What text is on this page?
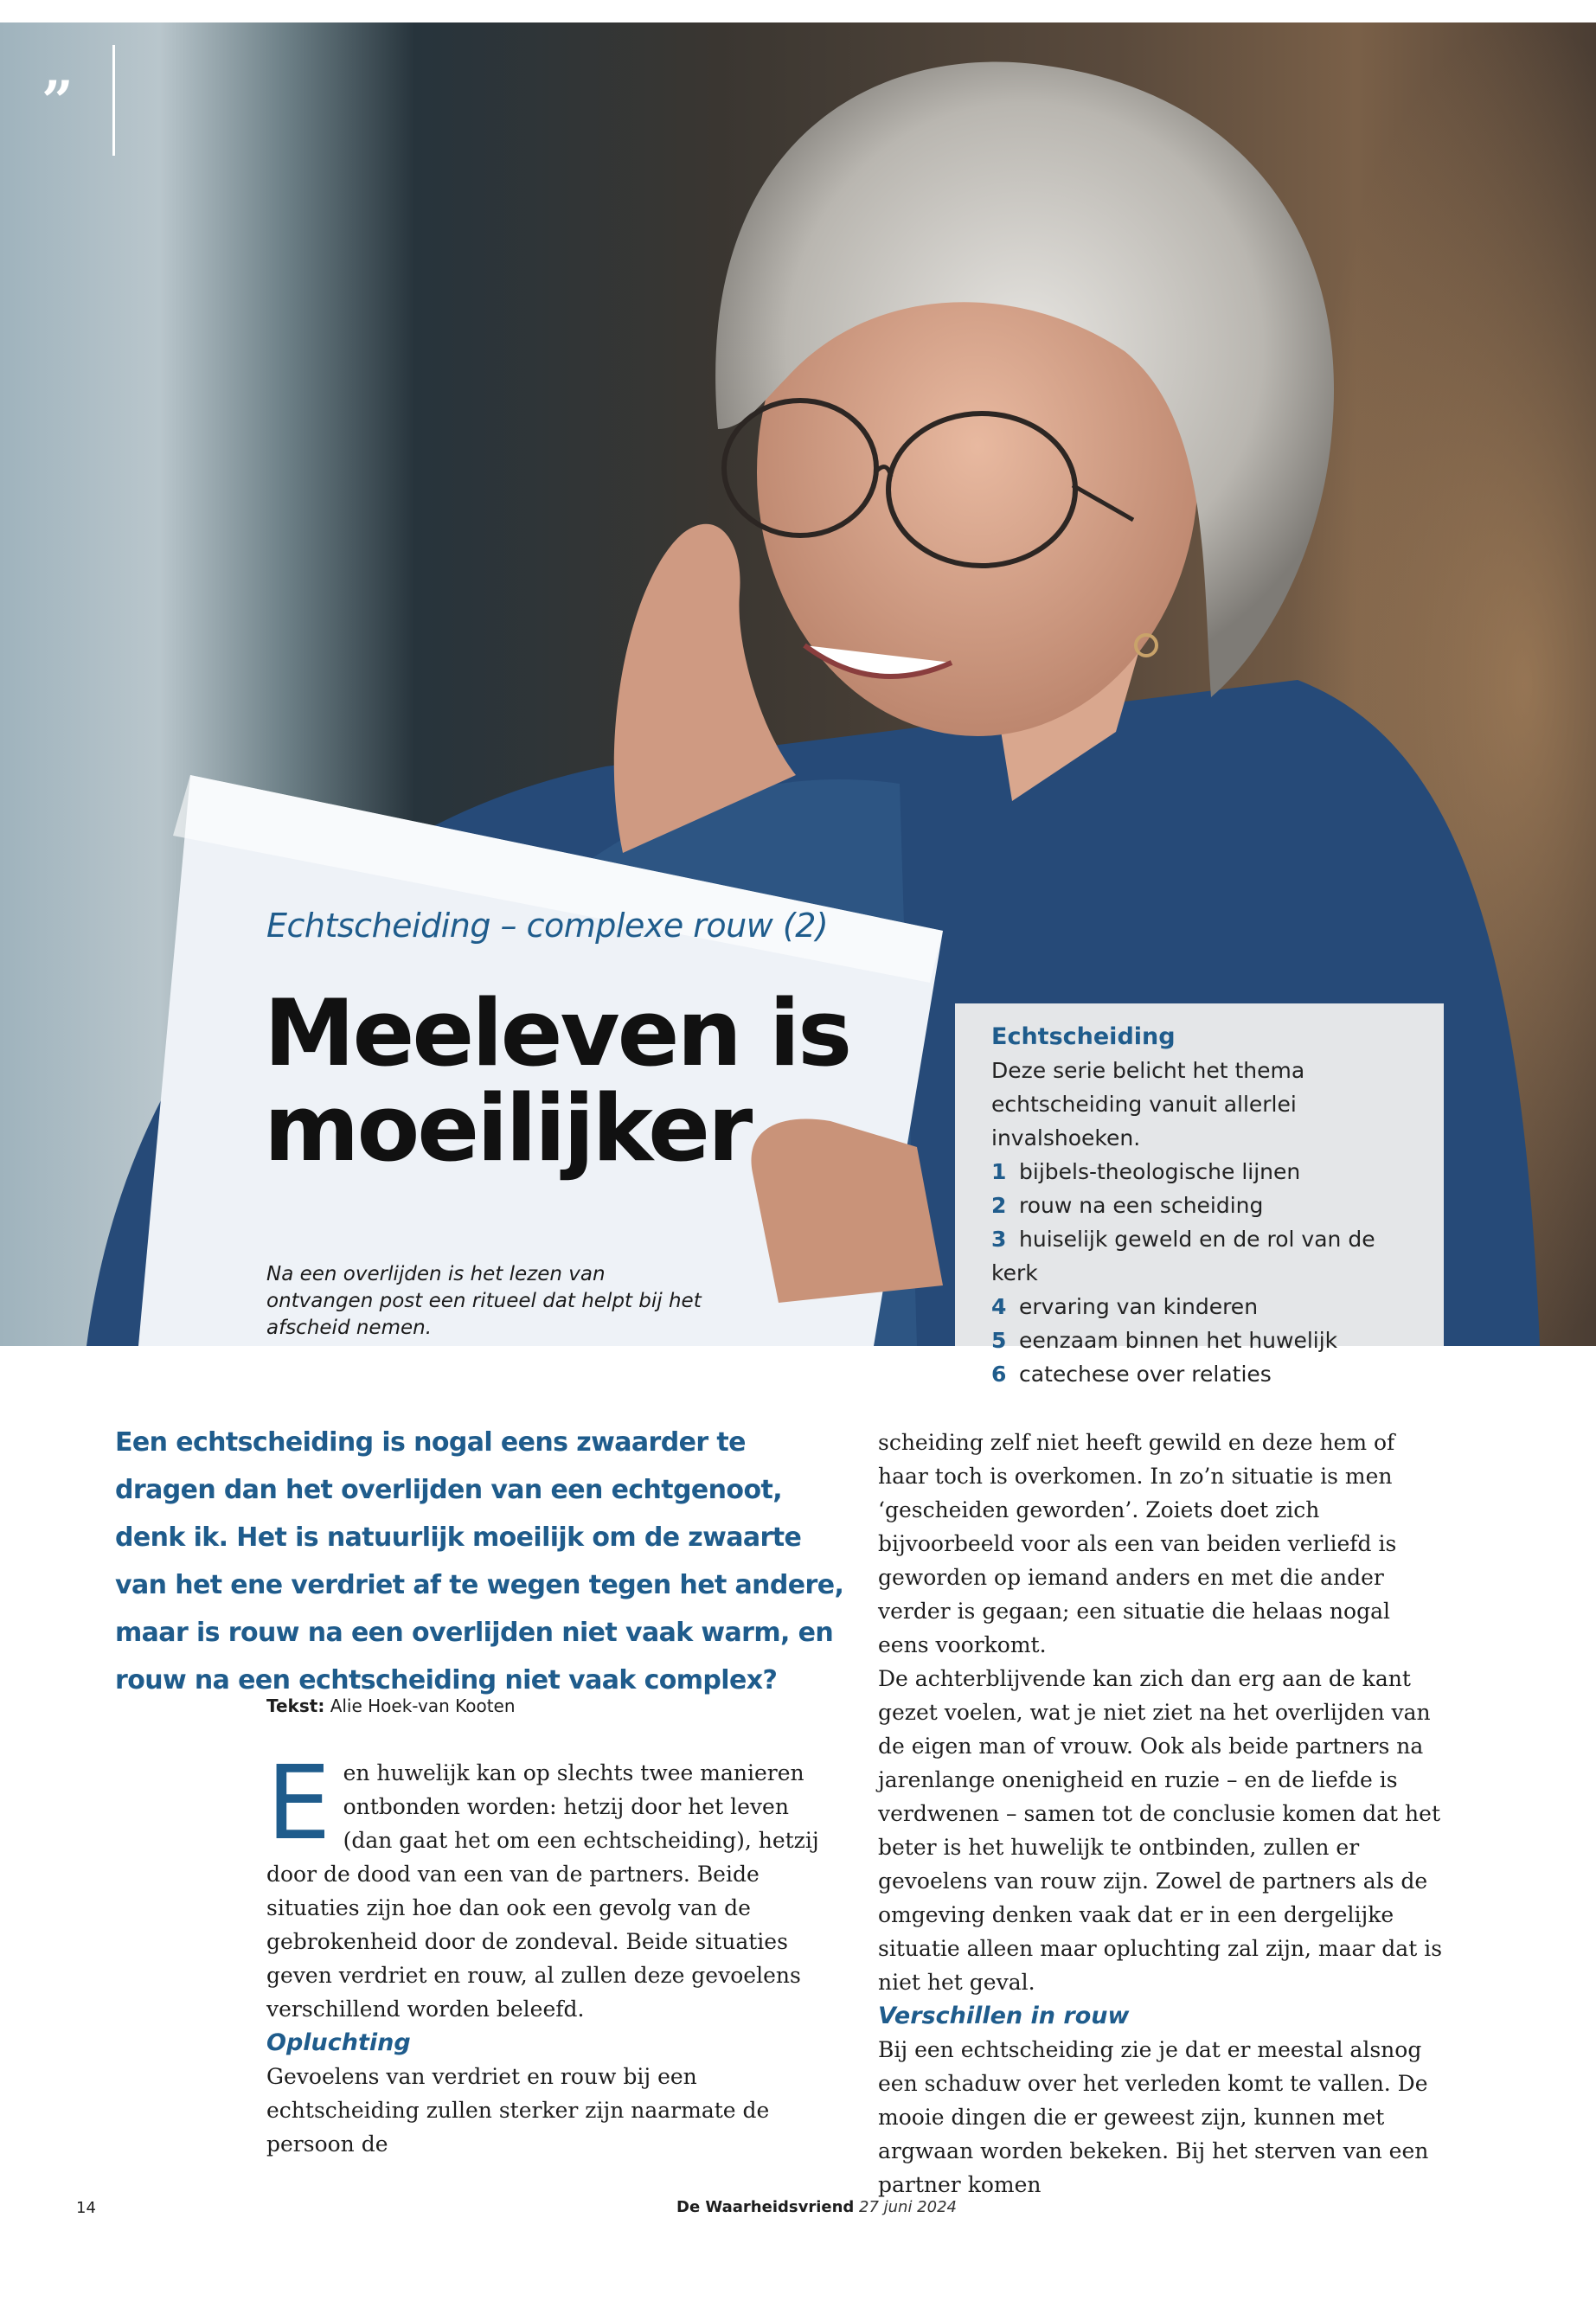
”
Echtscheiding – complexe rouw (2)
Meeleven is
moeilijker
Na een overlijden is het lezen van ontvangen post een ritueel dat helpt bij het afscheid nemen.
Echtscheiding
Deze serie belicht het thema echtscheiding vanuit allerlei invalshoeken.
1 bijbels-theologische lijnen
2 rouw na een scheiding
3 huiselijk geweld en de rol van de kerk
4 ervaring van kinderen
5 eenzaam binnen het huwelijk
6 catechese over relaties

Een echtscheiding is nogal eens zwaarder te dragen dan het overlijden van een echtgenoot, denk ik. Het is natuurlijk moeilijk om de zwaarte van het ene verdriet af te wegen tegen het andere, maar is rouw na een overlijden niet vaak warm, en rouw na een echtscheiding niet vaak complex?

Tekst: Alie Hoek-van Kooten
E en huwelijk kan op slechts twee manieren ontbonden worden: hetzij door het leven (dan gaat het om een echtscheiding), hetzij door de dood van een van de partners. Beide situaties zijn hoe dan ook een gevolg van de gebrokenheid door de zondeval. Beide situaties geven verdriet en rouw, al zullen deze gevoelens verschillend worden beleefd.

Opluchting

Gevoelens van verdriet en rouw bij een echtscheiding zullen sterker zijn naarmate de persoon de

scheiding zelf niet heeft gewild en deze hem of haar toch is overkomen. In zo’n situatie is men ‘gescheiden geworden’. Zoiets doet zich bijvoorbeeld voor als een van beiden verliefd is geworden op iemand anders en met die ander verder is gegaan; een situatie die helaas nogal eens voorkomt.

De achterblijvende kan zich dan erg aan de kant gezet voelen, wat je niet ziet na het overlijden van de eigen man of vrouw. Ook als beide partners na jarenlange onenigheid en ruzie – en de liefde is verdwenen – samen tot de conclusie komen dat het beter is het huwelijk te ontbinden, zullen er gevoelens van rouw zijn. Zowel de partners als de omgeving denken vaak dat er in een dergelijke situatie alleen maar opluchting zal zijn, maar dat is niet het geval.

Verschillen in rouw

Bij een echtscheiding zie je dat er meestal alsnog een schaduw over het verleden komt te vallen. De mooie dingen die er geweest zijn, kunnen met argwaan worden bekeken. Bij het sterven van een partner komen

14	De Waarheidsvriend 27 juni 2024
